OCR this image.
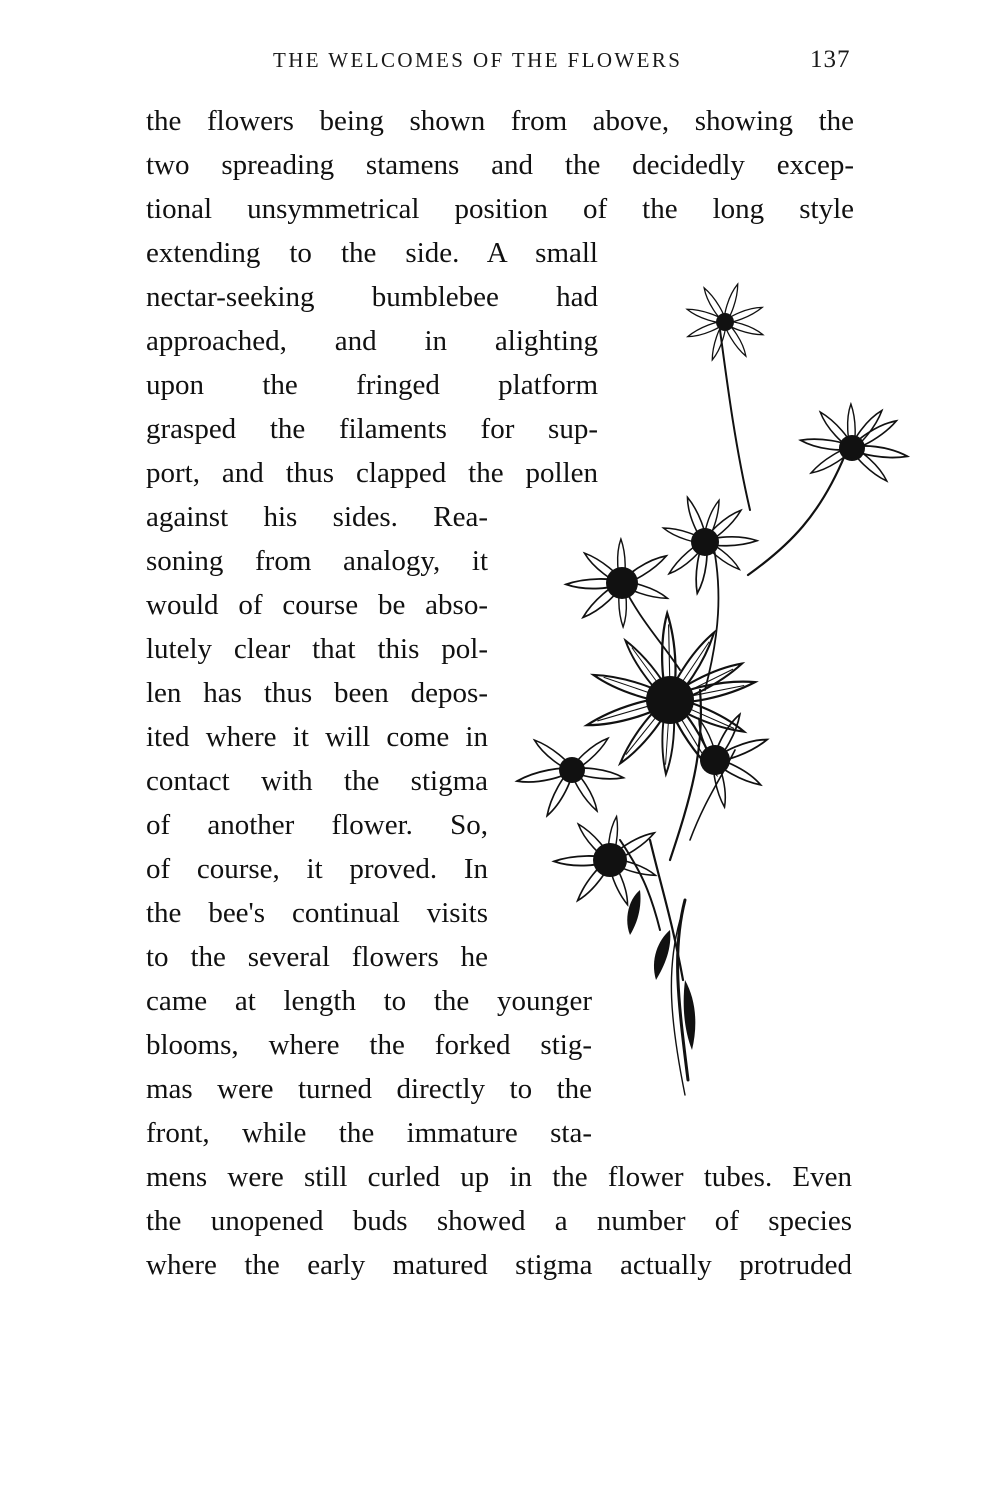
THE WELCOMES OF THE FLOWERS	137
the flowers being shown from above, showing the
two spreading stamens and the decidedly excep-
tional unsymmetrical position of the long style
extending to the side. A small
nectar-seeking bumblebee had
approached, and in alighting
upon the fringed platform
grasped the filaments for sup-
port, and thus clapped the pollen
against his sides. Rea-
soning from analogy, it
would of course be abso-
lutely clear that this pol-
len has thus been depos-
ited where it will come in
contact with the stigma
of another flower. So,
of course, it proved. In
the bee's continual visits
to the several flowers he
came at length to the younger
blooms, where the forked stig-
mas were turned directly to the
front, while the immature sta-
mens were still curled up in the flower tubes. Even
the unopened buds showed a number of species
where the early matured stigma actually protruded
